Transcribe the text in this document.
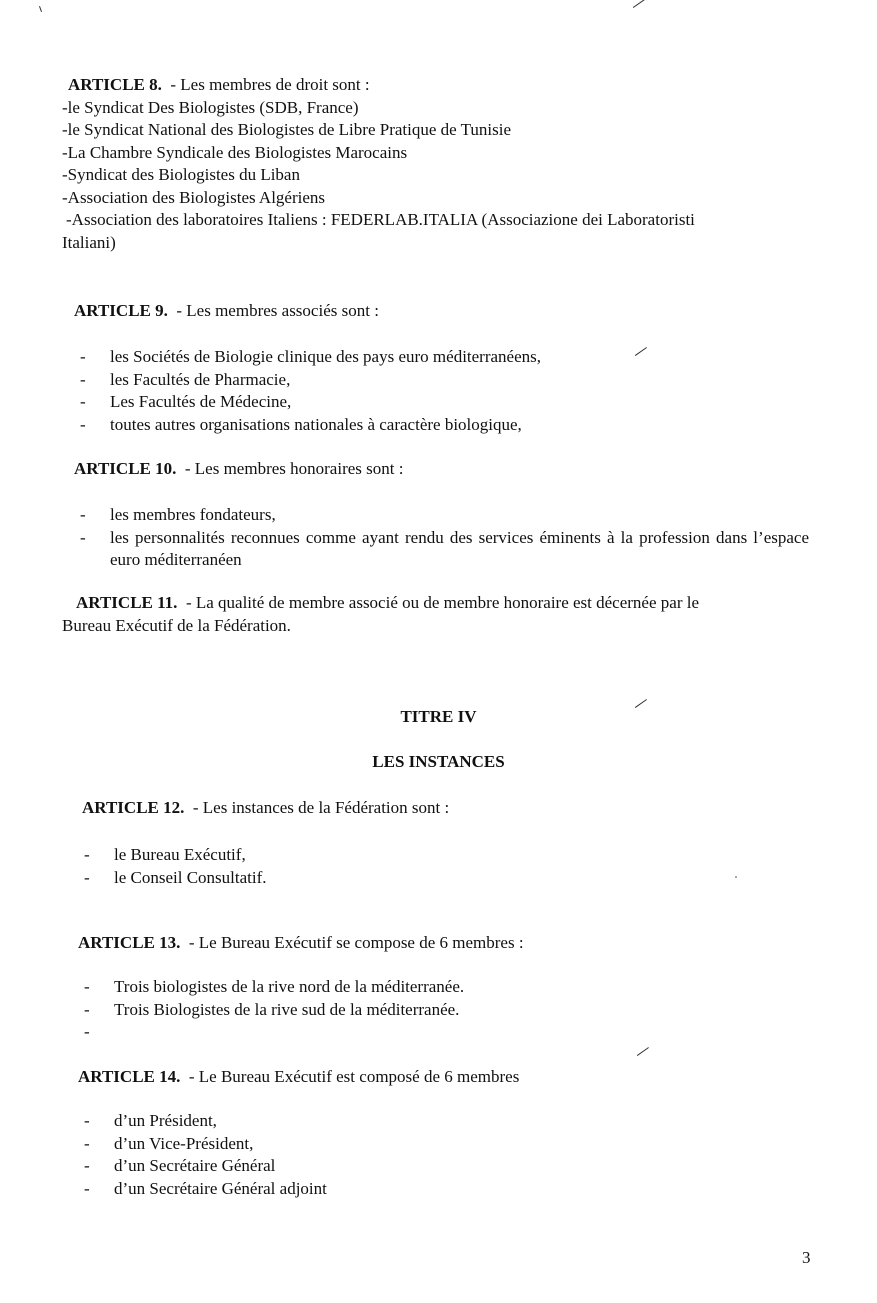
ARTICLE 8. - Les membres de droit sont :
-le Syndicat Des Biologistes (SDB, France)
-le Syndicat National des Biologistes de Libre Pratique de Tunisie
-La Chambre Syndicale des Biologistes Marocains
-Syndicat des Biologistes du Liban
-Association des Biologistes Algériens
-Association des laboratoires Italiens : FEDERLAB.ITALIA (Associazione dei Laboratoristi
Italiani)
ARTICLE 9. - Les membres associés sont :
- les Sociétés de Biologie clinique des pays euro méditerranéens,
- les Facultés de Pharmacie,
- Les Facultés de Médecine,
- toutes autres organisations nationales à caractère biologique,
ARTICLE 10. - Les membres honoraires sont :
- les membres fondateurs,
- les personnalités reconnues comme ayant rendu des services éminents à la profession dans l’espace euro méditerranéen
ARTICLE 11. - La qualité de membre associé ou de membre honoraire est décernée par le
Bureau Exécutif de la Fédération.
TITRE IV
LES INSTANCES
ARTICLE 12. - Les instances de la Fédération sont :
- le Bureau Exécutif,
- le Conseil Consultatif.
ARTICLE 13. - Le Bureau Exécutif se compose de 6 membres :
- Trois biologistes de la rive nord de la méditerranée.
- Trois Biologistes de la rive sud de la méditerranée.
-
ARTICLE 14. - Le Bureau Exécutif est composé de 6 membres
- d’un Président,
- d’un Vice-Président,
- d’un Secrétaire Général
- d’un Secrétaire Général adjoint
3
